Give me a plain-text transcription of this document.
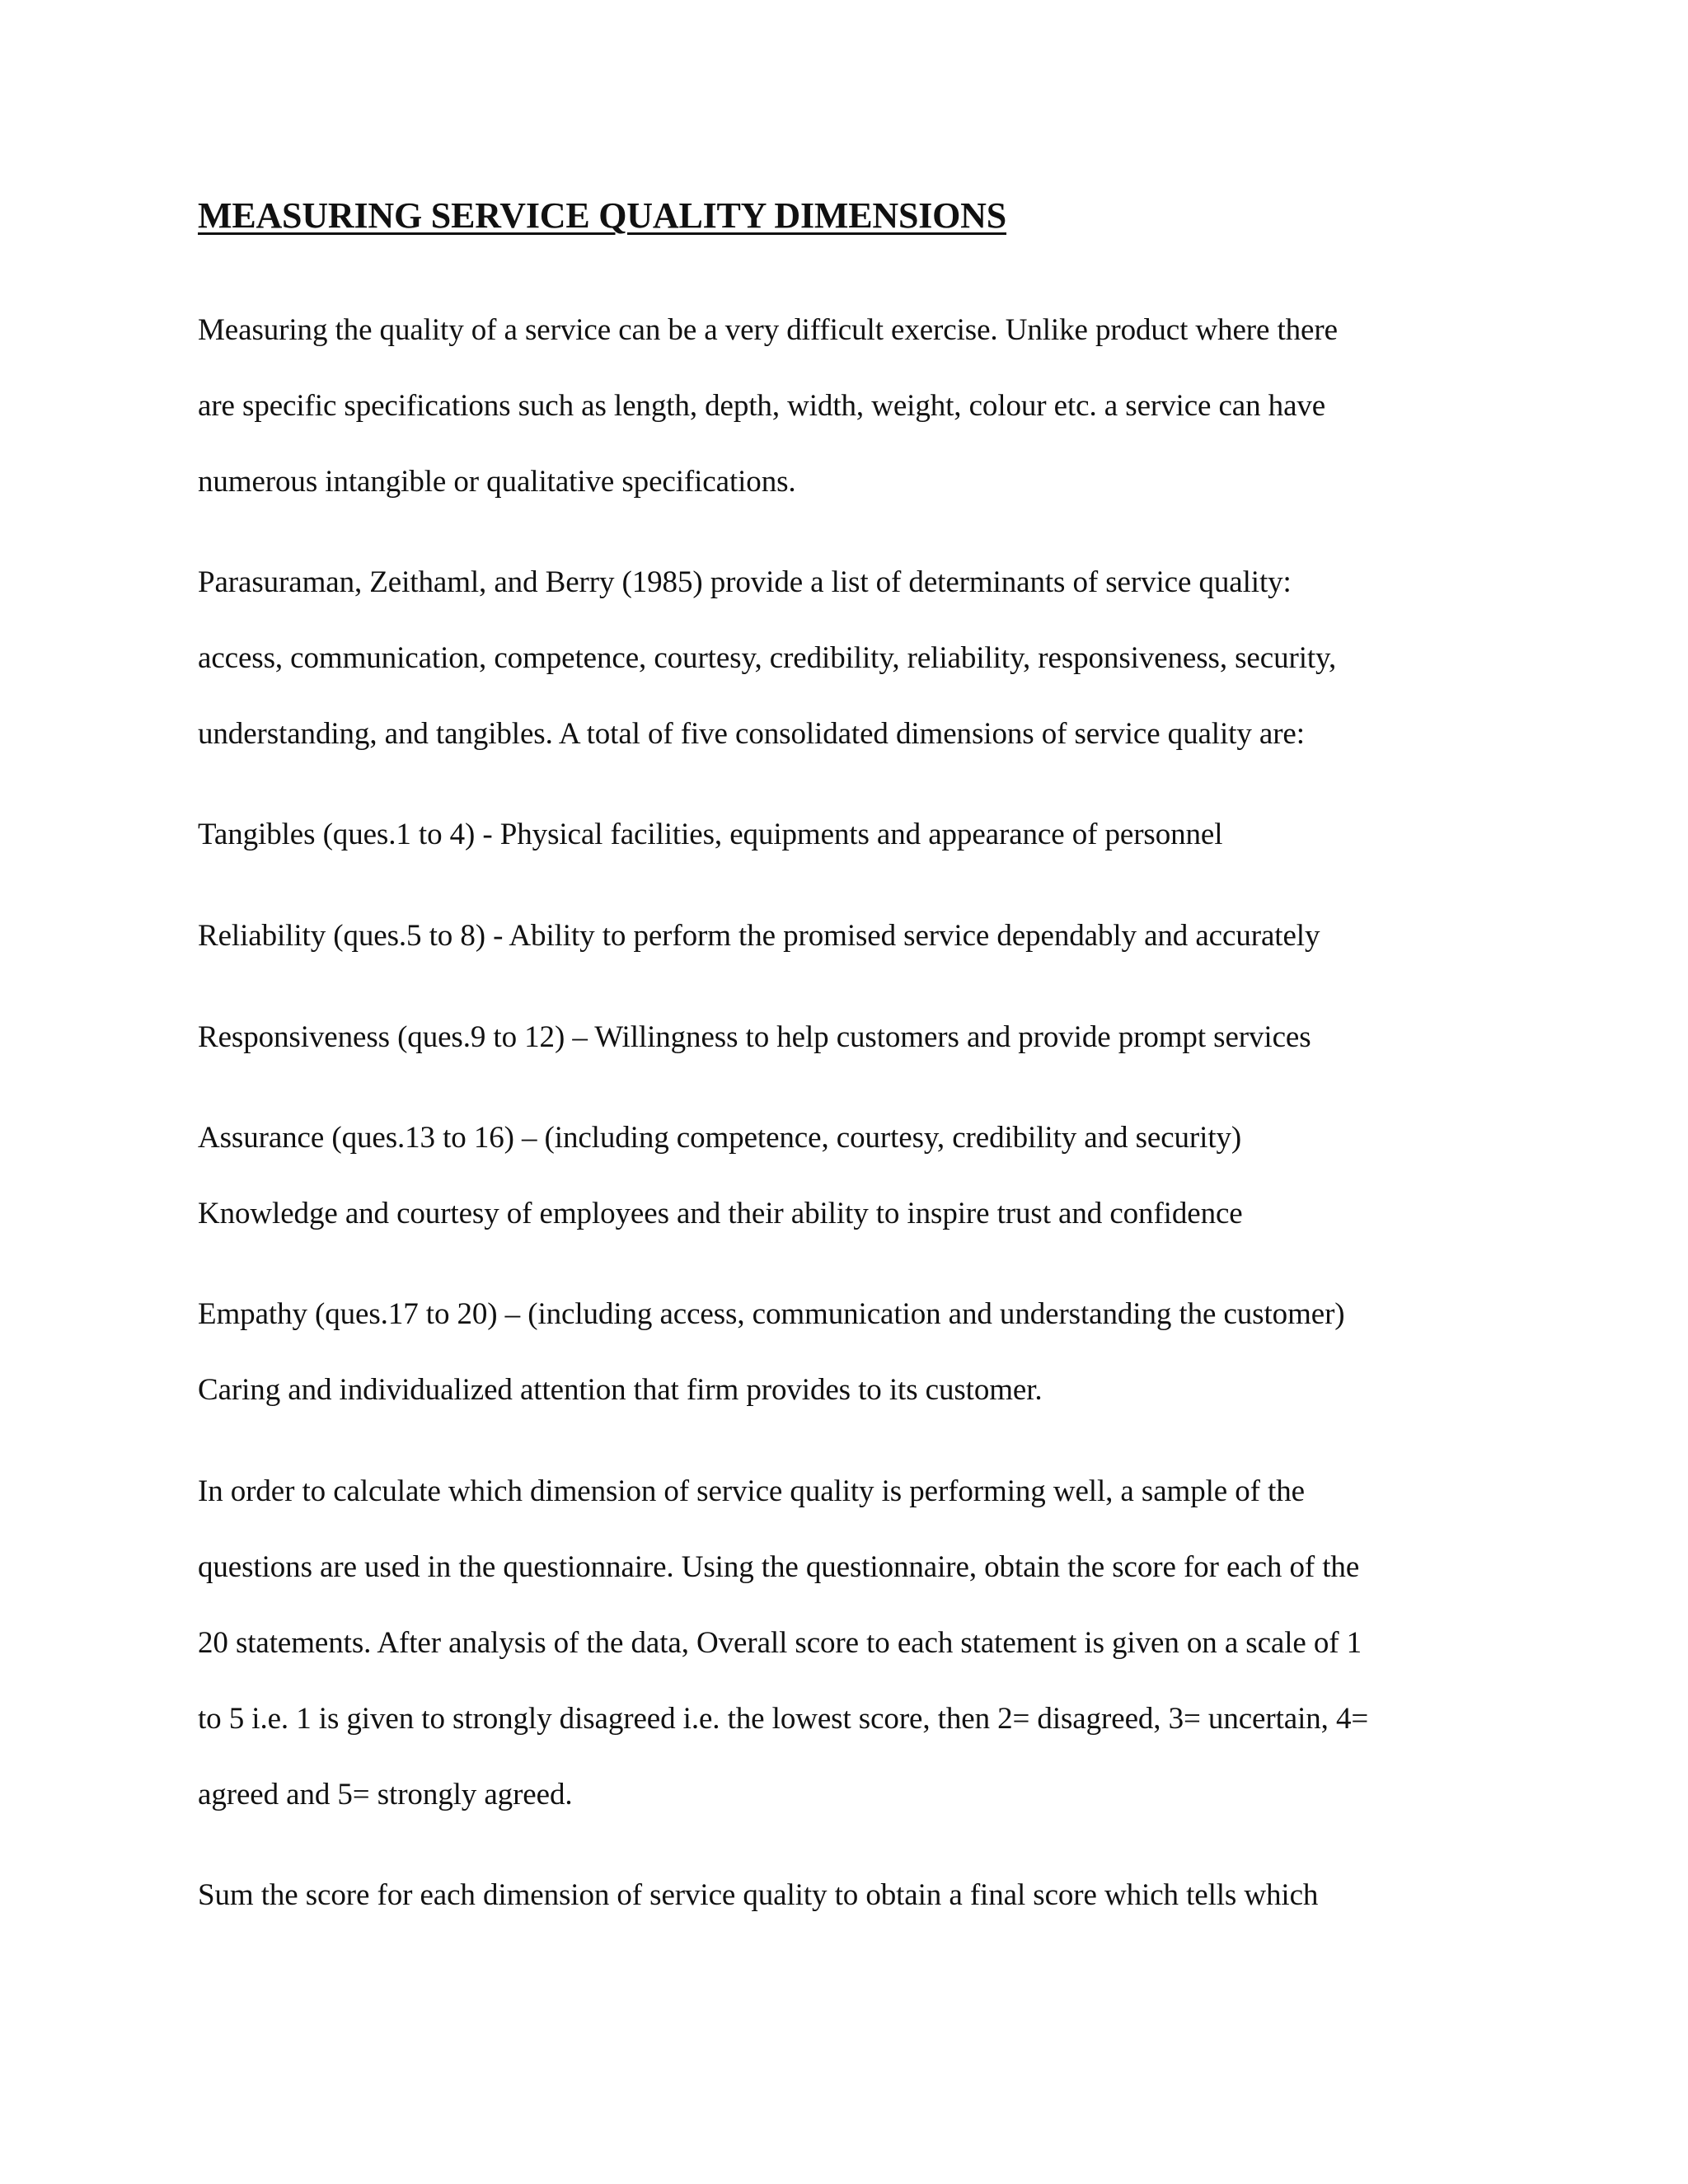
MEASURING SERVICE QUALITY DIMENSIONS
Measuring the quality of a service can be a very difficult exercise. Unlike product where there
are specific specifications such as length, depth, width, weight, colour etc. a service can have
numerous intangible or qualitative specifications.
Parasuraman, Zeithaml, and Berry (1985) provide a list of determinants of service quality:
access, communication, competence, courtesy, credibility, reliability, responsiveness, security,
understanding, and tangibles. A total of five consolidated dimensions of service quality are:
Tangibles (ques.1 to 4) - Physical facilities, equipments and appearance of personnel
Reliability (ques.5 to 8) - Ability to perform the promised service dependably and accurately
Responsiveness (ques.9 to 12) – Willingness to help customers and provide prompt services
Assurance (ques.13 to 16) – (including competence, courtesy, credibility and security)
Knowledge and courtesy of employees and their ability to inspire trust and confidence
Empathy (ques.17 to 20) – (including access, communication and understanding the customer)
Caring and individualized attention that firm provides to its customer.
In order to calculate which dimension of service quality is performing well, a sample of the
questions are used in the questionnaire. Using the questionnaire, obtain the score for each of the
20 statements. After analysis of the data, Overall score to each statement is given on a scale of 1
to 5 i.e. 1 is given to strongly disagreed i.e. the lowest score, then 2= disagreed, 3= uncertain, 4=
agreed and 5= strongly agreed.
Sum the score for each dimension of service quality to obtain a final score which tells which
